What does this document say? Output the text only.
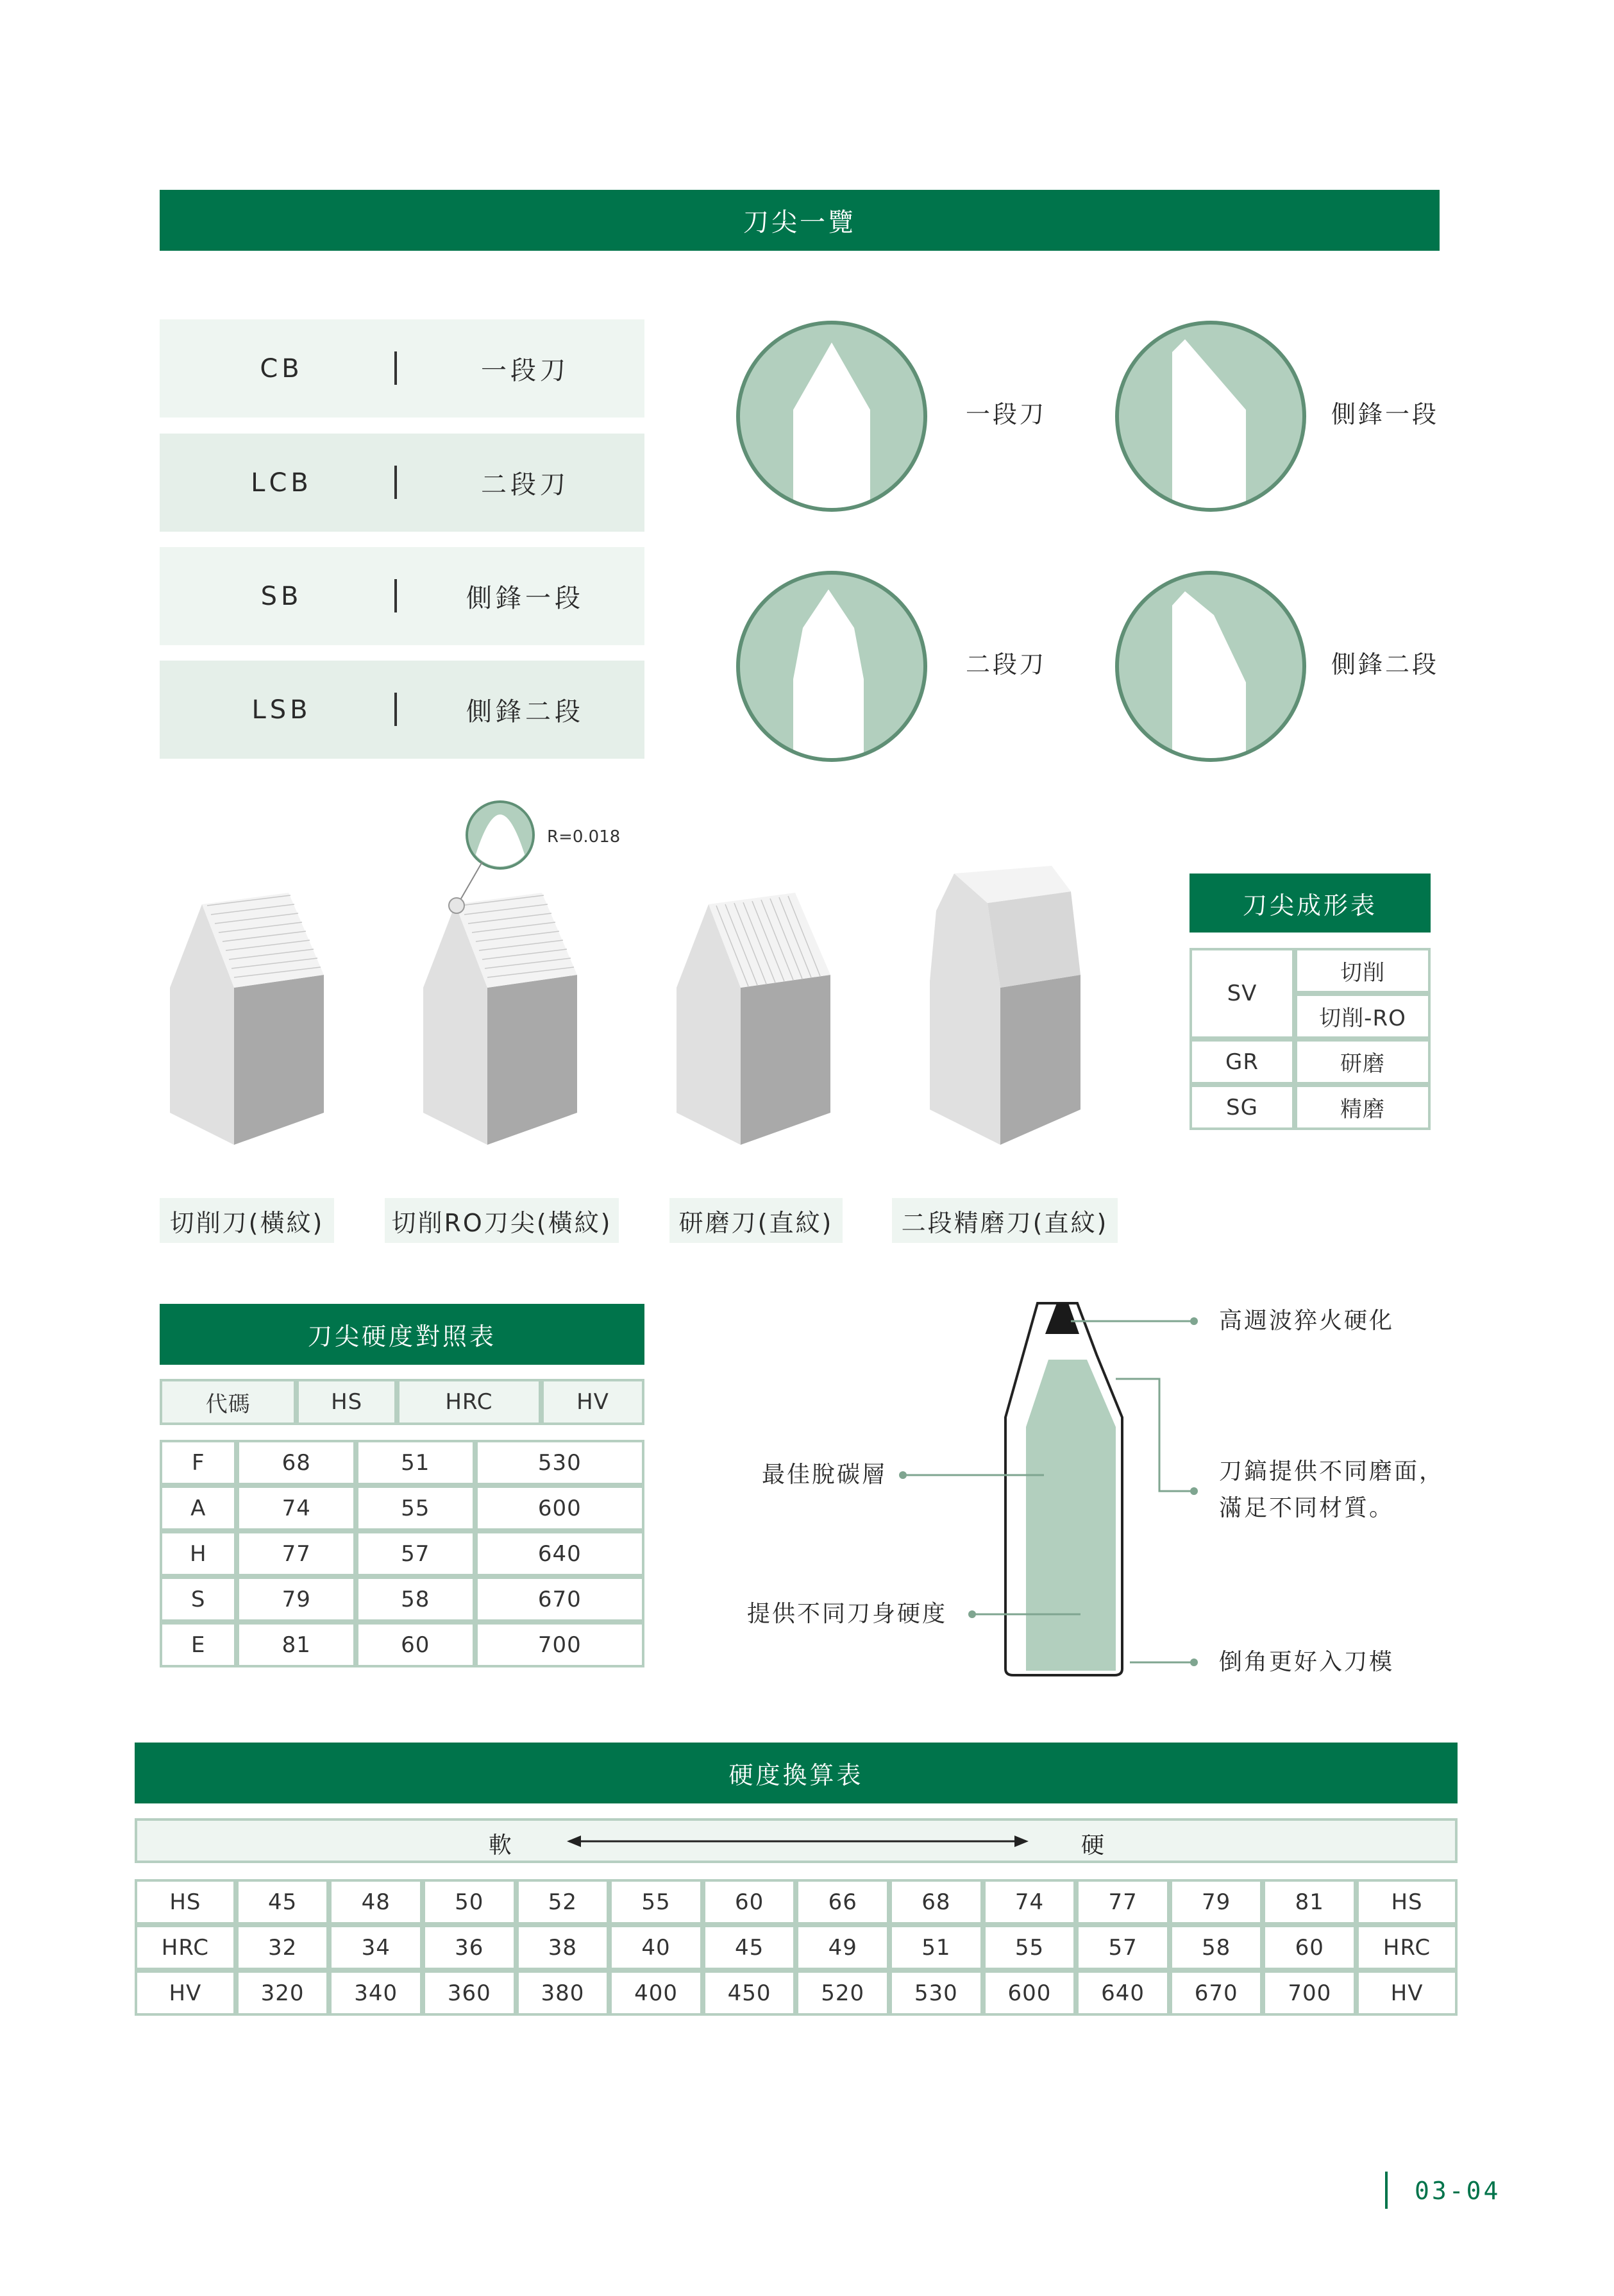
刀尖一覽
CB	一段刀
LCB	二段刀
SB	側鋒一段
LSB	側鋒二段
一段刀	側鋒一段
二段刀	側鋒二段
R=0.018
切削刀(橫紋)	切削RO刀尖(橫紋)	研磨刀(直紋)	二段精磨刀(直紋)
刀尖成形表
SV	切削
	切削-RO
GR	研磨
SG	精磨
刀尖硬度對照表
代碼	HS	HRC	HV
F	68	51	530
A	74	55	600
H	77	57	640
S	79	58	670
E	81	60	700
高週波猝火硬化
刀鎬提供不同磨面，
滿足不同材質。
最佳脫碳層
提供不同刀身硬度
倒角更好入刀模
硬度換算表
軟	硬
HS	45	48	50	52	55	60	66	68	74	77	79	81	HS
HRC	32	34	36	38	40	45	49	51	55	57	58	60	HRC
HV	320	340	360	380	400	450	520	530	600	640	670	700	HV
03-04
